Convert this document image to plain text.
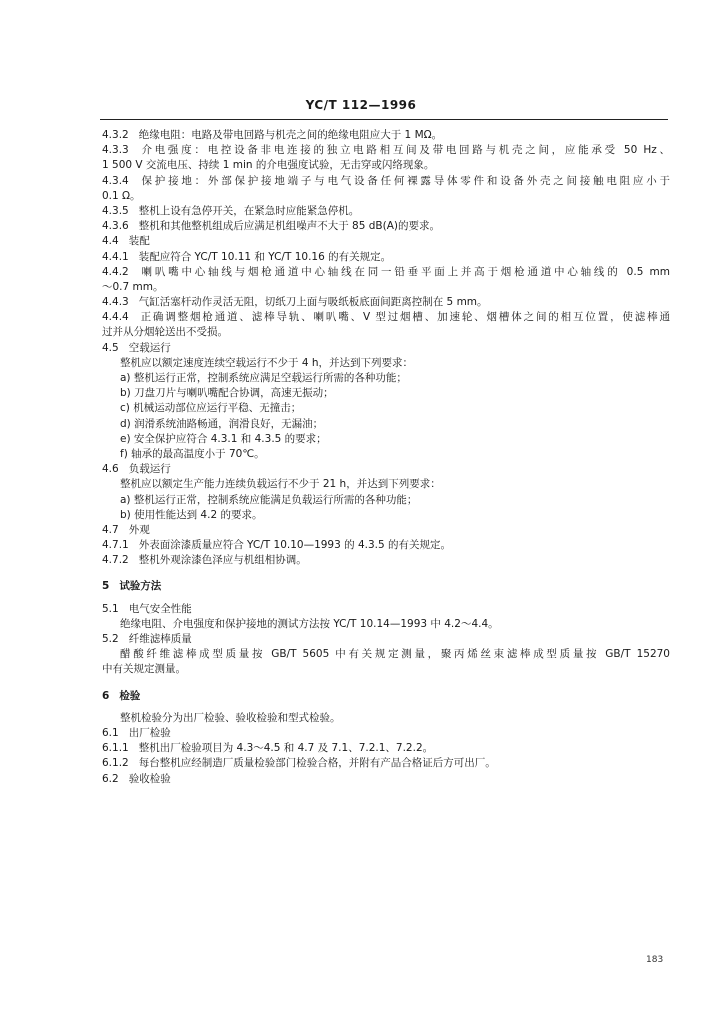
YC/T 112—1996
4.3.2 绝缘电阻：电路及带电回路与机壳之间的绝缘电阻应大于 1 MΩ。
4.3.3 介电强度：电控设备非电连接的独立电路相互间及带电回路与机壳之间，应能承受 50 Hz、
1 500 V 交流电压、持续 1 min 的介电强度试验，无击穿或闪络现象。
4.3.4 保护接地：外部保护接地端子与电气设备任何裸露导体零件和设备外壳之间接触电阻应小于
0.1 Ω。
4.3.5 整机上设有急停开关，在紧急时应能紧急停机。
4.3.6 整机和其他整机组成后应满足机组噪声不大于 85 dB(A)的要求。
4.4 装配
4.4.1 装配应符合 YC/T 10.11 和 YC/T 10.16 的有关规定。
4.4.2 喇叭嘴中心轴线与烟枪通道中心轴线在同一铅垂平面上并高于烟枪通道中心轴线的 0.5 mm
～0.7 mm。
4.4.3 气缸活塞杆动作灵活无阻，切纸刀上面与吸纸板底面间距离控制在 5 mm。
4.4.4 正确调整烟枪通道、滤棒导轨、喇叭嘴、V 型过烟槽、加速轮、烟槽体之间的相互位置，使滤棒通
过并从分烟轮送出不受损。
4.5 空载运行
整机应以额定速度连续空载运行不少于 4 h，并达到下列要求：
a) 整机运行正常，控制系统应满足空载运行所需的各种功能；
b) 刀盘刀片与喇叭嘴配合协调，高速无振动；
c) 机械运动部位应运行平稳、无撞击；
d) 润滑系统油路畅通，润滑良好，无漏油；
e) 安全保护应符合 4.3.1 和 4.3.5 的要求；
f) 轴承的最高温度小于 70℃。
4.6 负载运行
整机应以额定生产能力连续负载运行不少于 21 h，并达到下列要求：
a) 整机运行正常，控制系统应能满足负载运行所需的各种功能；
b) 使用性能达到 4.2 的要求。
4.7 外观
4.7.1 外表面涂漆质量应符合 YC/T 10.10—1993 的 4.3.5 的有关规定。
4.7.2 整机外观涂漆色泽应与机组相协调。
5 试验方法
5.1 电气安全性能
绝缘电阻、介电强度和保护接地的测试方法按 YC/T 10.14—1993 中 4.2～4.4。
5.2 纤维滤棒质量
醋酸纤维滤棒成型质量按 GB/T 5605 中有关规定测量，聚丙烯丝束滤棒成型质量按 GB/T 15270
中有关规定测量。
6 检验
整机检验分为出厂检验、验收检验和型式检验。
6.1 出厂检验
6.1.1 整机出厂检验项目为 4.3～4.5 和 4.7 及 7.1、7.2.1、7.2.2。
6.1.2 每台整机应经制造厂质量检验部门检验合格，并附有产品合格证后方可出厂。
6.2 验收检验
183
